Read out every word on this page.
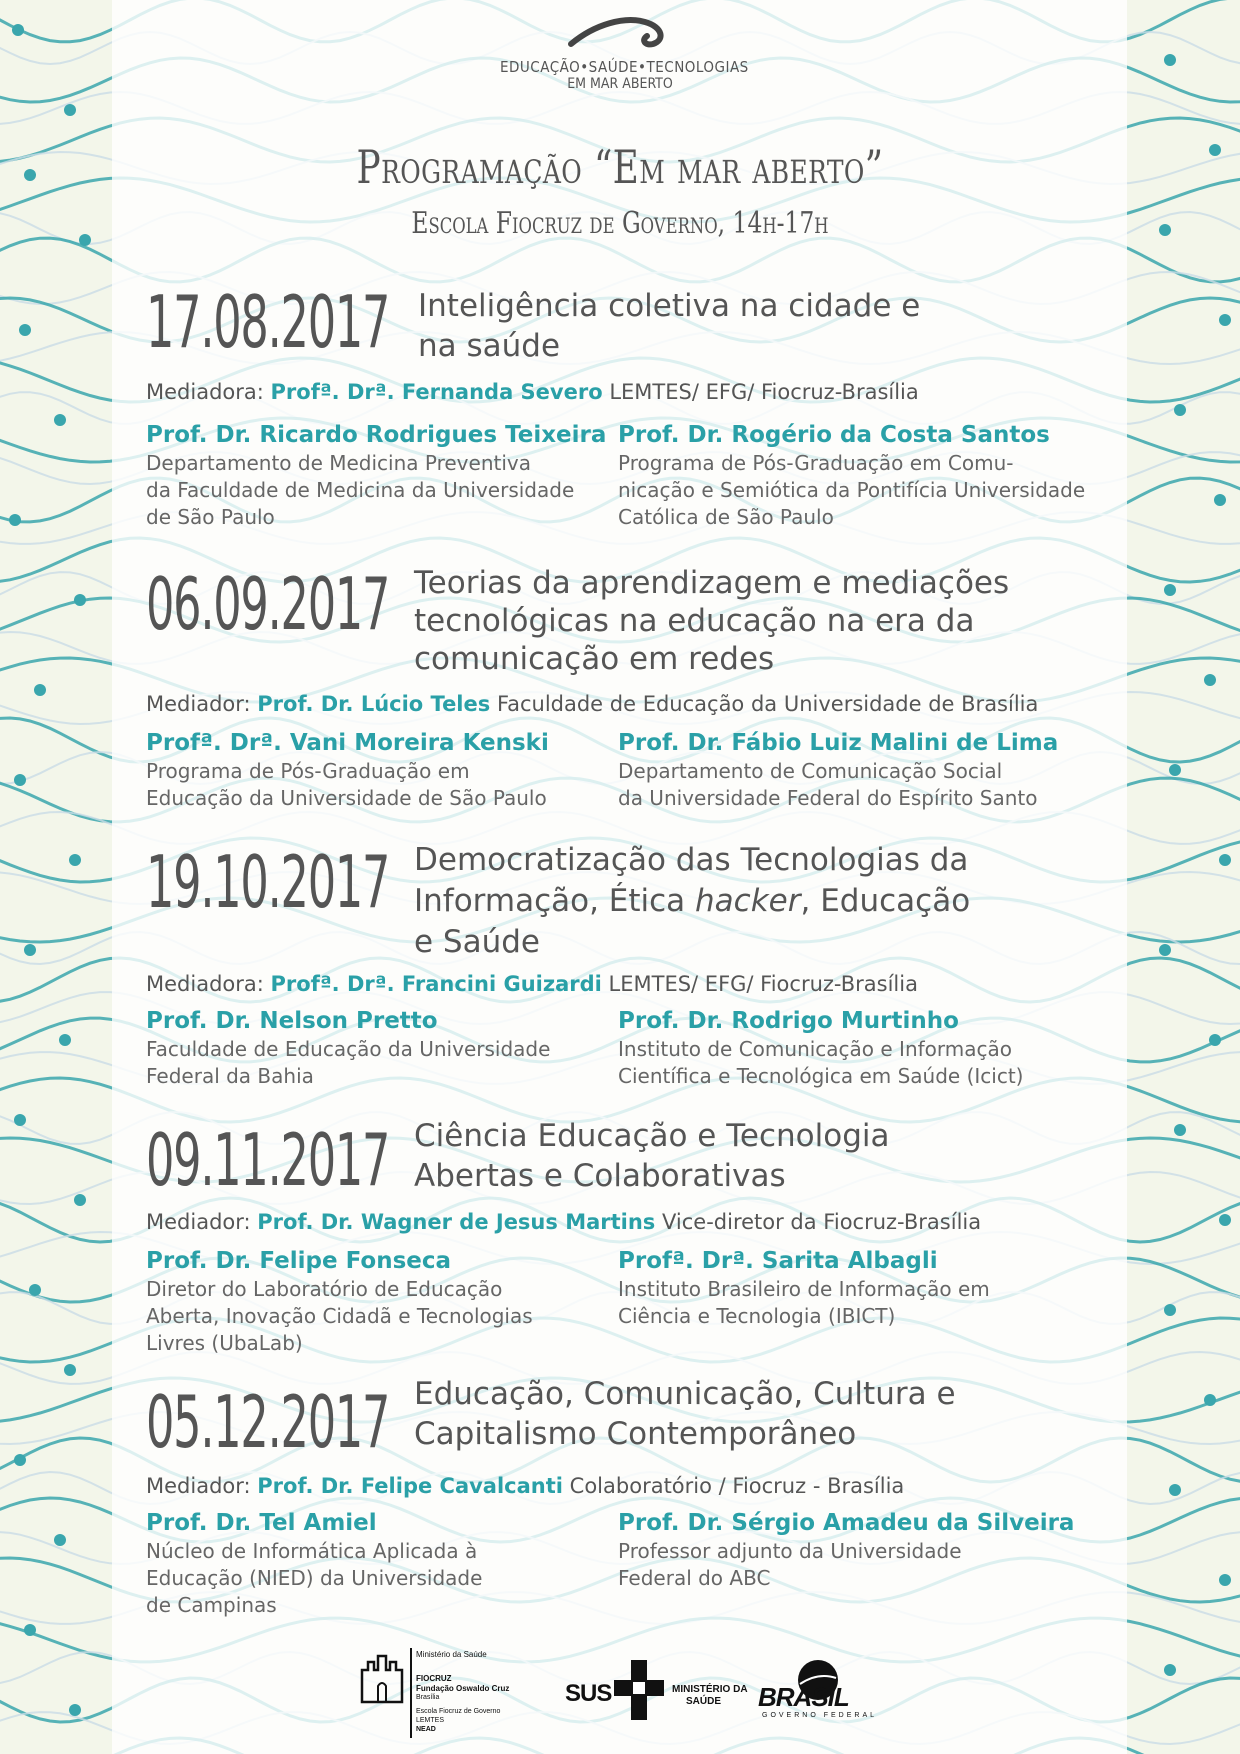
EDUCAÇÃO•SAÚDE•TECNOLOGIAS
EM MAR ABERTO
Programação “Em mar aberto”
Escola Fiocruz de Governo, 14h-17h
17.08.2017 Inteligência coletiva na cidade e
na saúde
Mediadora: Profª. Drª. Fernanda Severo LEMTES/ EFG/ Fiocruz-Brasília
Prof. Dr. Ricardo Rodrigues Teixeira
Departamento de Medicina Preventiva
da Faculdade de Medicina da Universidade
de São Paulo
Prof. Dr. Rogério da Costa Santos
Programa de Pós-Graduação em Comu-
nicação e Semiótica da Pontifícia Universidade
Católica de São Paulo
06.09.2017 Teorias da aprendizagem e mediações
tecnológicas na educação na era da
comunicação em redes
Mediador: Prof. Dr. Lúcio Teles Faculdade de Educação da Universidade de Brasília
Profª. Drª. Vani Moreira Kenski
Programa de Pós-Graduação em
Educação da Universidade de São Paulo
Prof. Dr. Fábio Luiz Malini de Lima
Departamento de Comunicação Social
da Universidade Federal do Espírito Santo
19.10.2017 Democratização das Tecnologias da
Informação, Ética hacker, Educação
e Saúde
Mediadora: Profª. Drª. Francini Guizardi LEMTES/ EFG/ Fiocruz-Brasília
Prof. Dr. Nelson Pretto
Faculdade de Educação da Universidade
Federal da Bahia
Prof. Dr. Rodrigo Murtinho
Instituto de Comunicação e Informação
Científica e Tecnológica em Saúde (Icict)
09.11.2017 Ciência Educação e Tecnologia
Abertas e Colaborativas
Mediador: Prof. Dr. Wagner de Jesus Martins Vice-diretor da Fiocruz-Brasília
Prof. Dr. Felipe Fonseca
Diretor do Laboratório de Educação
Aberta, Inovação Cidadã e Tecnologias
Livres (UbaLab)
Profª. Drª. Sarita Albagli
Instituto Brasileiro de Informação em
Ciência e Tecnologia (IBICT)
05.12.2017 Educação, Comunicação, Cultura e
Capitalismo Contemporâneo
Mediador: Prof. Dr. Felipe Cavalcanti Colaboratório / Fiocruz - Brasília
Prof. Dr. Tel Amiel
Núcleo de Informática Aplicada à
Educação (NIED) da Universidade
de Campinas
Prof. Dr. Sérgio Amadeu da Silveira
Professor adjunto da Universidade
Federal do ABC
Ministério da Saúde
FIOCRUZ
Fundação Oswaldo Cruz
Brasília
Escola Fiocruz de Governo
LEMTES
NEAD
SUS	MINISTÉRIO DA
SAÚDE BRASIL
GOVERNO FEDERAL
